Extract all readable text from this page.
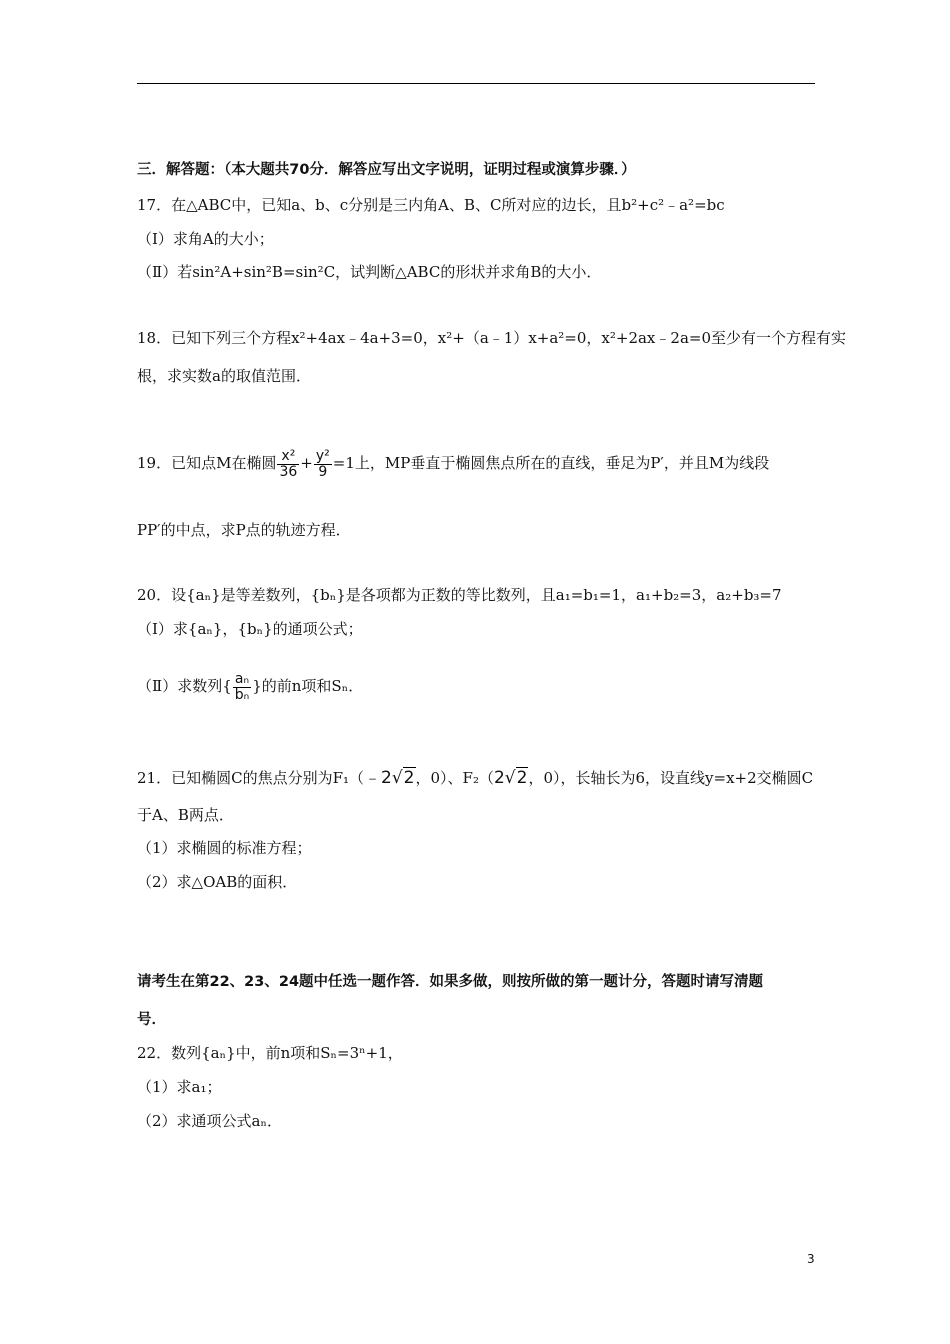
三．解答题：（本大题共70分．解答应写出文字说明，证明过程或演算步骤．）
17．在△ABC中，已知a、b、c分别是三内角A、B、C所对应的边长，且b²+c²﹣a²=bc
（Ⅰ）求角A的大小；
（Ⅱ）若sin²A+sin²B=sin²C，试判断△ABC的形状并求角B的大小．
18．已知下列三个方程x²+4ax﹣4a+3=0，x²+（a﹣1）x+a²=0，x²+2ax﹣2a=0至少有一个方程有实
根，求实数a的取值范围．
19．已知点M在椭圆 $\frac{\text{x²}}{36} + \frac{\text{y²}}{9} =1$上，MP垂直于椭圆焦点所在的直线，垂足为P′，并且M为线段
PP′的中点，求P点的轨迹方程．
20．设{aₙ}是等差数列，{bₙ}是各项都为正数的等比数列，且a₁=b₁=1，a₁+b₂=3，a₂+b₃=7
（Ⅰ）求{aₙ}，{bₙ}的通项公式；
（Ⅱ）求数列{ $\frac{\text{aₙ}}{\text{bₙ}}$ }的前n项和Sₙ．
21．已知椭圆C的焦点分别为F₁（﹣2√2，0）、F₂（2√2，0），长轴长为6，设直线y=x+2交椭圆C
于A、B两点．
（1）求椭圆的标准方程；
（2）求△OAB的面积．
请考生在第22、23、24题中任选一题作答．如果多做，则按所做的第一题计分，答题时请写清题
号．
22．数列{aₙ}中，前n项和Sₙ=3ⁿ+1，
（1）求a₁；
（2）求通项公式aₙ．
3
